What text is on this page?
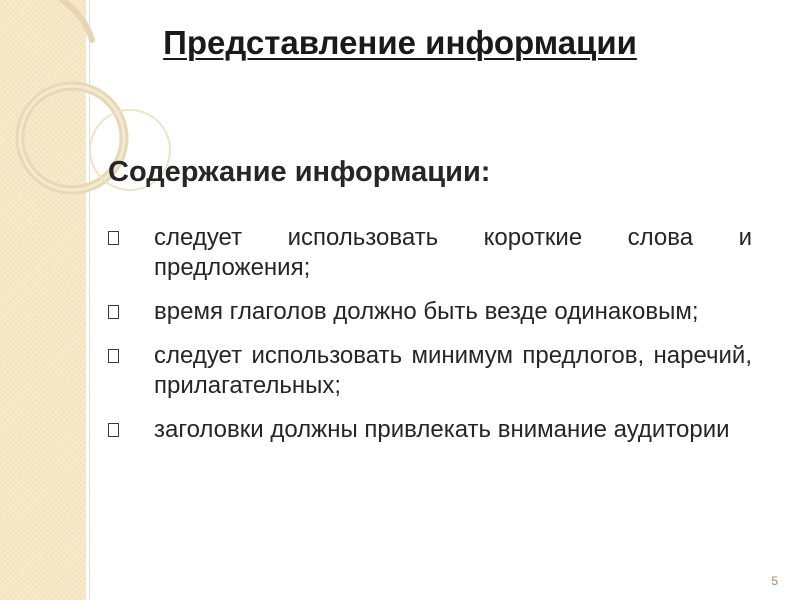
Представление информации
Содержание информации:
следует использовать короткие слова и предложения;
время глаголов должно быть везде одинаковым;
следует использовать минимум предлогов, наречий, прилагательных;
заголовки должны привлекать внимание аудитории
5
